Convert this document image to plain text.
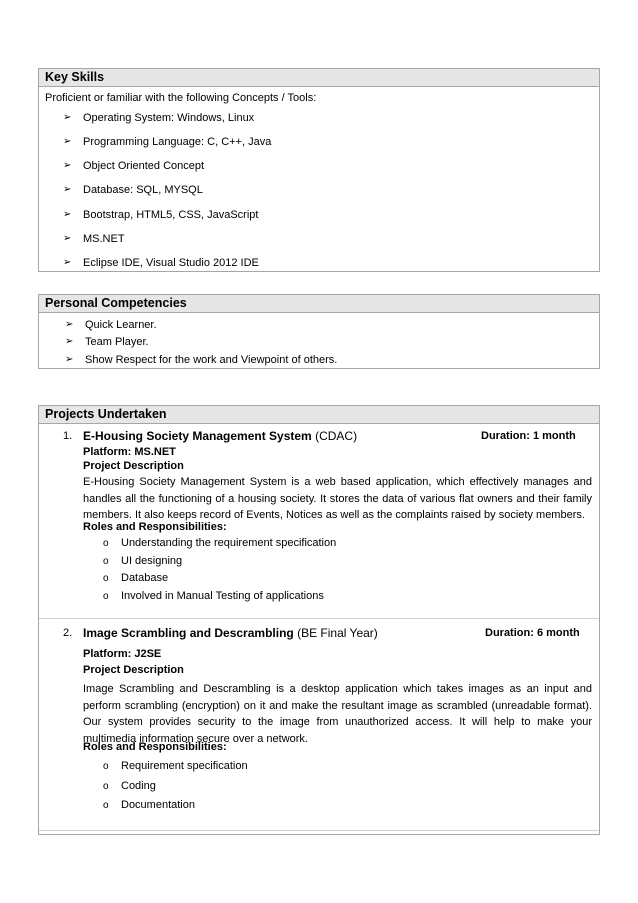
Key Skills
Proficient or familiar with the following Concepts / Tools:
➢ Operating System: Windows, Linux
➢ Programming Language: C, C++, Java
➢ Object Oriented Concept
➢ Database: SQL, MYSQL
➢ Bootstrap, HTML5, CSS, JavaScript
➢ MS.NET
➢ Eclipse IDE, Visual Studio 2012 IDE
Personal Competencies
➢ Quick Learner.
➢ Team Player.
➢ Show Respect for the work and Viewpoint of others.
Projects Undertaken
1. E-Housing Society Management System (CDAC)	Duration: 1 month
Platform: MS.NET
Project Description
E-Housing Society Management System is a web based application, which effectively manages and handles all the functioning of a housing society. It stores the data of various flat owners and their family members. It also keeps record of Events, Notices as well as the complaints raised by society members.
Roles and Responsibilities:
o Understanding the requirement specification
o UI designing
o Database
o Involved in Manual Testing of applications
2. Image Scrambling and Descrambling (BE Final Year)	Duration: 6 month
Platform: J2SE
Project Description
Image Scrambling and Descrambling is a desktop application which takes images as an input and perform scrambling (encryption) on it and make the resultant image as scrambled (unreadable format). Our system provides security to the image from unauthorized access. It will help to make your multimedia information secure over a network.
Roles and Responsibilities:
o Requirement specification
o Coding
o Documentation
